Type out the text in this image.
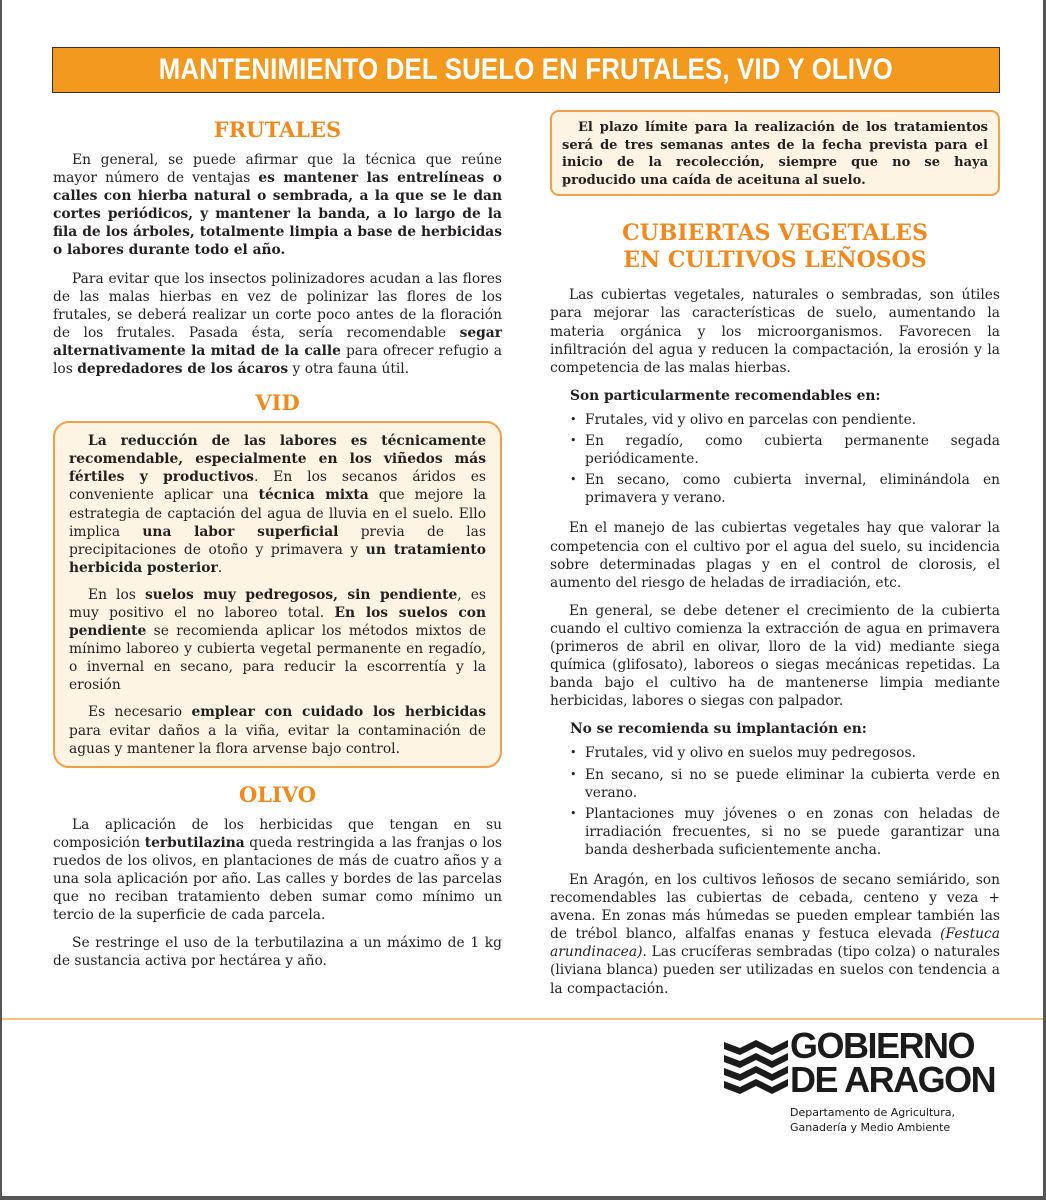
MANTENIMIENTO DEL SUELO EN FRUTALES, VID Y OLIVO
FRUTALES

En general, se puede afirmar que la técnica que reúne mayor número de ventajas es mantener las entrelíneas o calles con hierba natural o sembrada, a la que se le dan cortes periódicos, y mantener la banda, a lo largo de la fila de los árboles, totalmente limpia a base de herbicidas o labores durante todo el año.

Para evitar que los insectos polinizadores acudan a las flores de las malas hierbas en vez de polinizar las flores de los frutales, se deberá realizar un corte poco antes de la floración de los frutales. Pasada ésta, sería recomendable segar alternativamente la mitad de la calle para ofrecer refugio a los depredadores de los ácaros y otra fauna útil.

VID

La reducción de las labores es técnicamente recomendable, especialmente en los viñedos más fértiles y productivos. En los secanos áridos es conveniente aplicar una técnica mixta que mejore la estrategia de captación del agua de lluvia en el suelo. Ello implica una labor superficial previa de las precipitaciones de otoño y primavera y un tratamiento herbicida posterior.

En los suelos muy pedregosos, sin pendiente, es muy positivo el no laboreo total. En los suelos con pendiente se recomienda aplicar los métodos mixtos de mínimo laboreo y cubierta vegetal permanente en regadío, o invernal en secano, para reducir la escorrentía y la erosión

Es necesario emplear con cuidado los herbicidas para evitar daños a la viña, evitar la contaminación de aguas y mantener la flora arvense bajo control.

OLIVO

La aplicación de los herbicidas que tengan en su composición terbutilazina queda restringida a las franjas o los ruedos de los olivos, en plantaciones de más de cuatro años y a una sola aplicación por año. Las calles y bordes de las parcelas que no reciban tratamiento deben sumar como mínimo un tercio de la superficie de cada parcela.

Se restringe el uso de la terbutilazina a un máximo de 1 kg de sustancia activa por hectárea y año.

El plazo límite para la realización de los tratamientos será de tres semanas antes de la fecha prevista para el inicio de la recolección, siempre que no se haya producido una caída de aceituna al suelo.

CUBIERTAS VEGETALES
EN CULTIVOS LEÑOSOS

Las cubiertas vegetales, naturales o sembradas, son útiles para mejorar las características de suelo, aumentando la materia orgánica y los microorganismos. Favorecen la infiltración del agua y reducen la compactación, la erosión y la competencia de las malas hierbas.

Son particularmente recomendables en:
• Frutales, vid y olivo en parcelas con pendiente.
• En regadío, como cubierta permanente segada periódicamente.
• En secano, como cubierta invernal, eliminándola en primavera y verano.

En el manejo de las cubiertas vegetales hay que valorar la competencia con el cultivo por el agua del suelo, su incidencia sobre determinadas plagas y en el control de clorosis, el aumento del riesgo de heladas de irradiación, etc.

En general, se debe detener el crecimiento de la cubierta cuando el cultivo comienza la extracción de agua en primavera (primeros de abril en olivar, lloro de la vid) mediante siega química (glifosato), laboreos o siegas mecánicas repetidas. La banda bajo el cultivo ha de mantenerse limpia mediante herbicidas, labores o siegas con palpador.

No se recomienda su implantación en:
• Frutales, vid y olivo en suelos muy pedregosos.
• En secano, si no se puede eliminar la cubierta verde en verano.
• Plantaciones muy jóvenes o en zonas con heladas de irradiación frecuentes, si no se puede garantizar una banda desherbada suficientemente ancha.

En Aragón, en los cultivos leñosos de secano semiárido, son recomendables las cubiertas de cebada, centeno y veza + avena. En zonas más húmedas se pueden emplear también las de trébol blanco, alfalfas enanas y festuca elevada (Festuca arundinacea). Las crucíferas sembradas (tipo colza) o naturales (liviana blanca) pueden ser utilizadas en suelos con tendencia a la compactación.

GOBIERNO
DE ARAGON
Departamento de Agricultura,
Ganadería y Medio Ambiente
